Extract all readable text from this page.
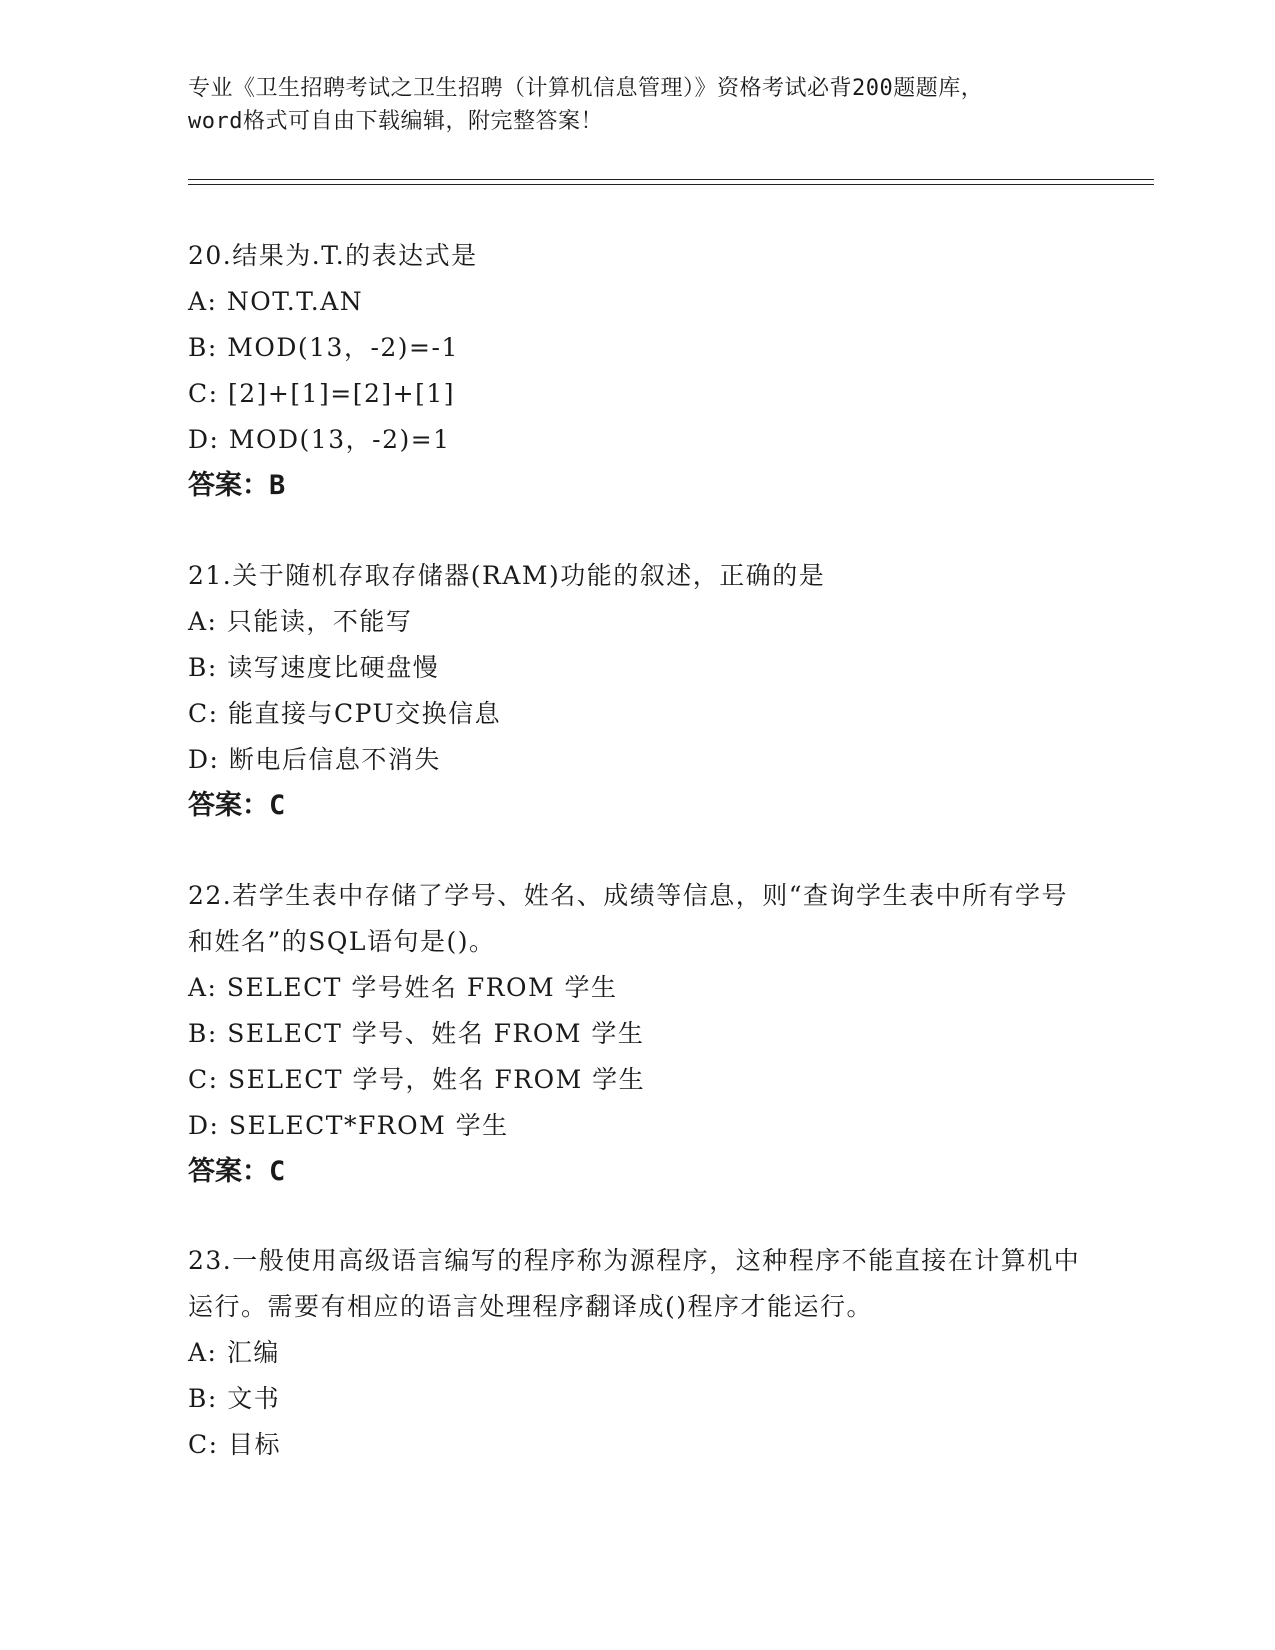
专业《卫生招聘考试之卫生招聘（计算机信息管理）》资格考试必背200题题库，
word格式可自由下载编辑，附完整答案！
20.结果为.T.的表达式是
A: NOT.T.AN
B: MOD(13，-2)=-1
C: [2]+[1]=[2]+[1]
D: MOD(13，-2)=1
答案：B
21.关于随机存取存储器(RAM)功能的叙述，正确的是
A: 只能读，不能写
B: 读写速度比硬盘慢
C: 能直接与CPU交换信息
D: 断电后信息不消失
答案：C
22.若学生表中存储了学号、姓名、成绩等信息，则“查询学生表中所有学号和姓名”的SQL语句是()。
A: SELECT 学号姓名 FROM 学生
B: SELECT 学号、姓名 FROM 学生
C: SELECT 学号，姓名 FROM 学生
D: SELECT*FROM 学生
答案：C
23.一般使用高级语言编写的程序称为源程序，这种程序不能直接在计算机中运行。需要有相应的语言处理程序翻译成()程序才能运行。
A: 汇编
B: 文书
C: 目标
